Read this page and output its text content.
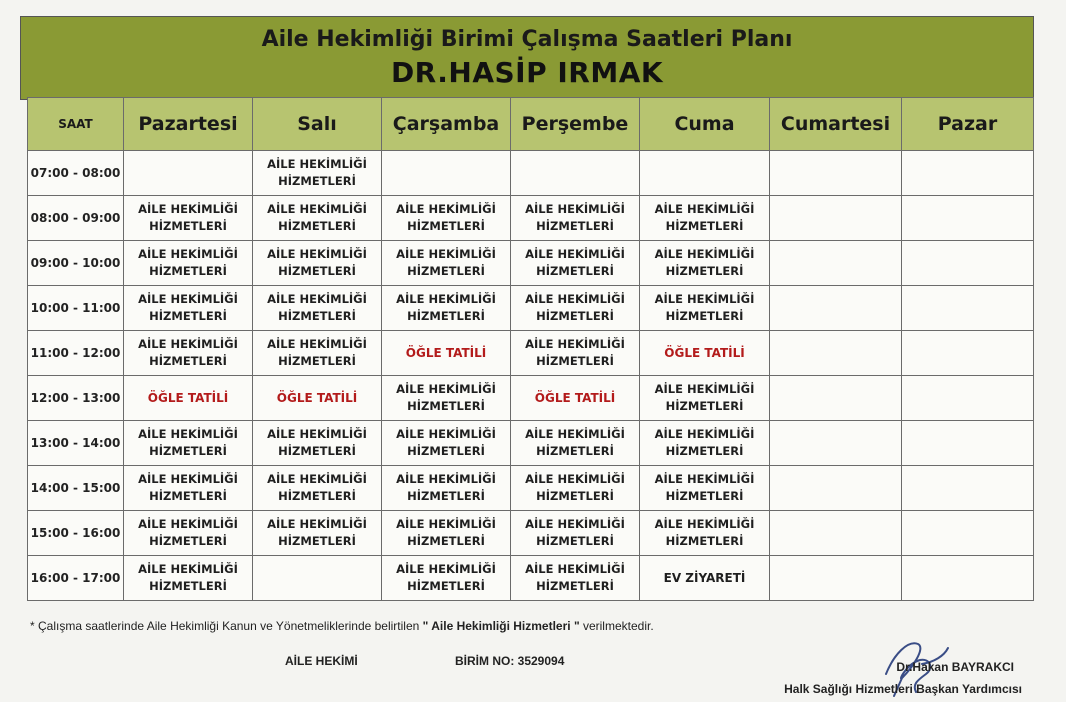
Aile Hekimliği Birimi Çalışma Saatleri Planı
DR.HASİP IRMAK
SAAT	Pazartesi	Salı	Çarşamba	Perşembe	Cuma	Cumartesi	Pazar
07:00 - 08:00		AİLE HEKİMLİĞİ
HİZMETLERİ					

08:00 - 09:00	AİLE HEKİMLİĞİ
HİZMETLERİ	AİLE HEKİMLİĞİ
HİZMETLERİ	AİLE HEKİMLİĞİ
HİZMETLERİ	AİLE HEKİMLİĞİ
HİZMETLERİ	AİLE HEKİMLİĞİ
HİZMETLERİ		

09:00 - 10:00	AİLE HEKİMLİĞİ
HİZMETLERİ	AİLE HEKİMLİĞİ
HİZMETLERİ	AİLE HEKİMLİĞİ
HİZMETLERİ	AİLE HEKİMLİĞİ
HİZMETLERİ	AİLE HEKİMLİĞİ
HİZMETLERİ		

10:00 - 11:00	AİLE HEKİMLİĞİ
HİZMETLERİ	AİLE HEKİMLİĞİ
HİZMETLERİ	AİLE HEKİMLİĞİ
HİZMETLERİ	AİLE HEKİMLİĞİ
HİZMETLERİ	AİLE HEKİMLİĞİ
HİZMETLERİ		

11:00 - 12:00	AİLE HEKİMLİĞİ
HİZMETLERİ	AİLE HEKİMLİĞİ
HİZMETLERİ	ÖĞLE TATİLİ	AİLE HEKİMLİĞİ
HİZMETLERİ	ÖĞLE TATİLİ		

12:00 - 13:00	ÖĞLE TATİLİ	ÖĞLE TATİLİ	AİLE HEKİMLİĞİ
HİZMETLERİ	ÖĞLE TATİLİ	AİLE HEKİMLİĞİ
HİZMETLERİ		

13:00 - 14:00	AİLE HEKİMLİĞİ
HİZMETLERİ	AİLE HEKİMLİĞİ
HİZMETLERİ	AİLE HEKİMLİĞİ
HİZMETLERİ	AİLE HEKİMLİĞİ
HİZMETLERİ	AİLE HEKİMLİĞİ
HİZMETLERİ		

14:00 - 15:00	AİLE HEKİMLİĞİ
HİZMETLERİ	AİLE HEKİMLİĞİ
HİZMETLERİ	AİLE HEKİMLİĞİ
HİZMETLERİ	AİLE HEKİMLİĞİ
HİZMETLERİ	AİLE HEKİMLİĞİ
HİZMETLERİ		

15:00 - 16:00	AİLE HEKİMLİĞİ
HİZMETLERİ	AİLE HEKİMLİĞİ
HİZMETLERİ	AİLE HEKİMLİĞİ
HİZMETLERİ	AİLE HEKİMLİĞİ
HİZMETLERİ	AİLE HEKİMLİĞİ
HİZMETLERİ		

16:00 - 17:00	AİLE HEKİMLİĞİ
HİZMETLERİ		AİLE HEKİMLİĞİ
HİZMETLERİ	AİLE HEKİMLİĞİ
HİZMETLERİ	EV ZİYARETİ		

* Çalışma saatlerinde Aile Hekimliği Kanun ve Yönetmeliklerinde belirtilen " Aile Hekimliği Hizmetleri " verilmektedir.
AİLE HEKİMİ	BİRİM NO: 3529094	Dr.Hakan BAYRAKCI
Halk Sağlığı Hizmetleri Başkan Yardımcısı
